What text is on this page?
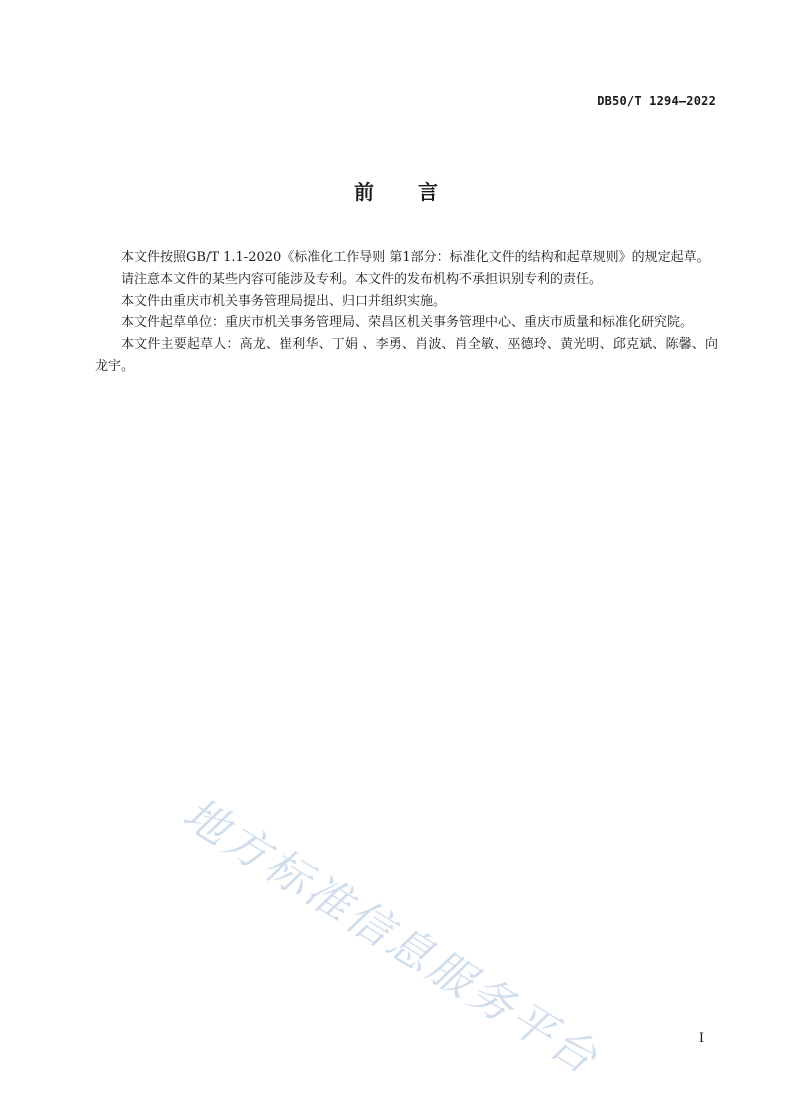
DB50/T 1294—2022
前言

本文件按照GB/T 1.1-2020《标准化工作导则 第1部分：标准化文件的结构和起草规则》的规定起草。

请注意本文件的某些内容可能涉及专利。本文件的发布机构不承担识别专利的责任。

本文件由重庆市机关事务管理局提出、归口并组织实施。

本文件起草单位：重庆市机关事务管理局、荣昌区机关事务管理中心、重庆市质量和标准化研究院。

本文件主要起草人：高龙、崔利华、丁娟 、李勇、肖波、肖全敏、巫德玲、黄光明、邱克斌、陈馨、向龙宇。

地方标准信息服务平台	I
